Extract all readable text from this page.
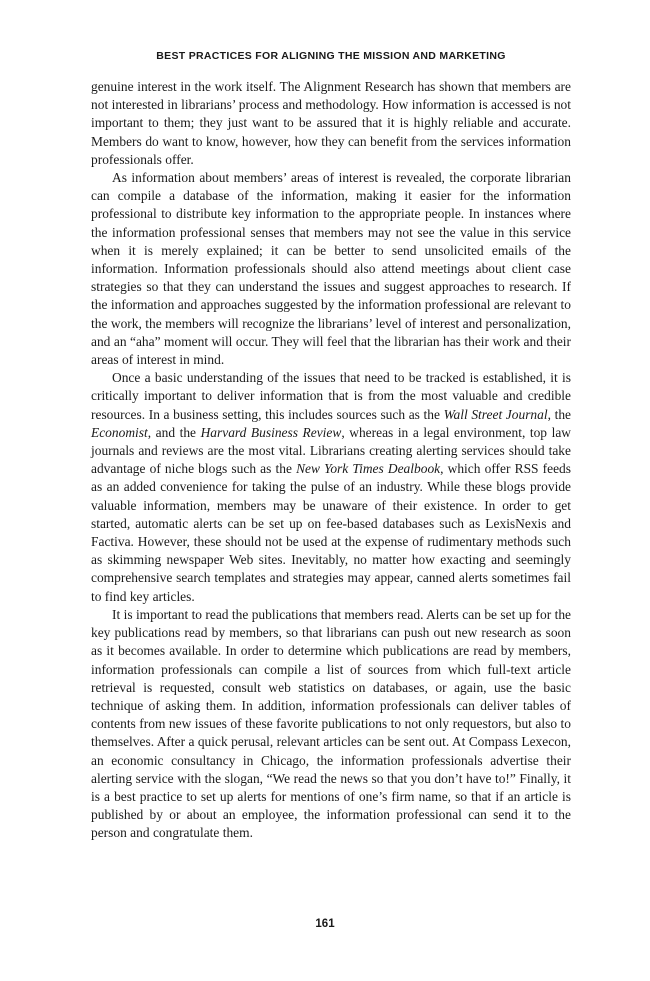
BEST PRACTICES FOR ALIGNING THE MISSION AND MARKETING

genuine interest in the work itself. The Alignment Research has shown that members are not interested in librarians’ process and methodology. How information is accessed is not important to them; they just want to be assured that it is highly reliable and accurate. Members do want to know, however, how they can benefit from the services information professionals offer.

As information about members’ areas of interest is revealed, the corporate librarian can compile a database of the information, making it easier for the information professional to distribute key information to the appropriate people. In instances where the information professional senses that members may not see the value in this service when it is merely explained; it can be better to send unsolicited emails of the information. Information professionals should also attend meetings about client case strategies so that they can understand the issues and suggest approaches to research. If the information and approaches suggested by the information professional are relevant to the work, the members will recognize the librarians’ level of interest and personalization, and an “aha” moment will occur. They will feel that the librarian has their work and their areas of interest in mind.

Once a basic understanding of the issues that need to be tracked is established, it is critically important to deliver information that is from the most valuable and credible resources. In a business setting, this includes sources such as the Wall Street Journal, the Economist, and the Harvard Business Review, whereas in a legal environment, top law journals and reviews are the most vital. Librarians creating alerting services should take advantage of niche blogs such as the New York Times Dealbook, which offer RSS feeds as an added convenience for taking the pulse of an industry. While these blogs provide valuable information, members may be unaware of their existence. In order to get started, automatic alerts can be set up on fee-based databases such as LexisNexis and Factiva. However, these should not be used at the expense of rudimentary methods such as skimming newspaper Web sites. Inevitably, no matter how exacting and seemingly comprehensive search templates and strategies may appear, canned alerts sometimes fail to find key articles.

It is important to read the publications that members read. Alerts can be set up for the key publications read by members, so that librarians can push out new research as soon as it becomes available. In order to determine which publications are read by members, information professionals can compile a list of sources from which full-text article retrieval is requested, consult web statistics on databases, or again, use the basic technique of asking them. In addition, information professionals can deliver tables of contents from new issues of these favorite publications to not only requestors, but also to themselves. After a quick perusal, relevant articles can be sent out. At Compass Lexecon, an economic consultancy in Chicago, the information professionals advertise their alerting service with the slogan, “We read the news so that you don’t have to!” Finally, it is a best practice to set up alerts for mentions of one’s firm name, so that if an article is published by or about an employee, the information professional can send it to the person and congratulate them.

161
